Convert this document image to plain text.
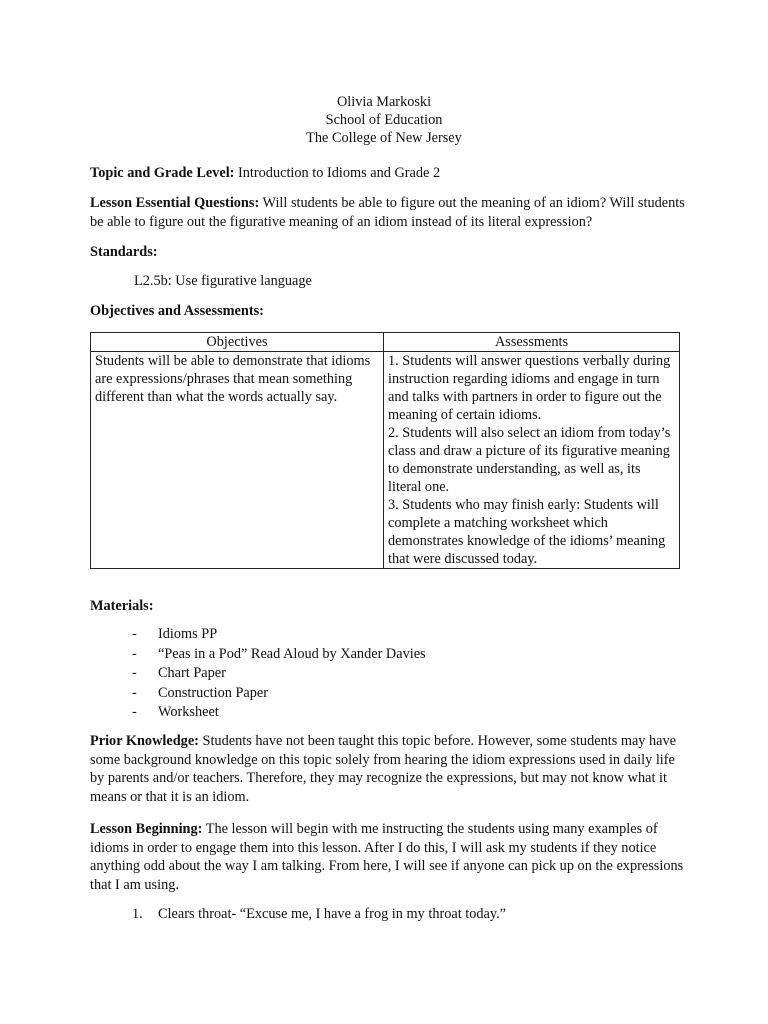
Olivia Markoski
School of Education
The College of New Jersey

Topic and Grade Level: Introduction to Idioms and Grade 2

Lesson Essential Questions: Will students be able to figure out the meaning of an idiom? Will students be able to figure out the figurative meaning of an idiom instead of its literal expression?

Standards:

L2.5b: Use figurative language

Objectives and Assessments:

Objectives	Assessments
Students will be able to demonstrate that idioms are expressions/phrases that mean something different than what the words actually say.	1. Students will answer questions verbally during instruction regarding idioms and engage in turn and talks with partners in order to figure out the meaning of certain idioms.
2. Students will also select an idiom from today’s class and draw a picture of its figurative meaning to demonstrate understanding, as well as, its literal one.
3. Students who may finish early: Students will complete a matching worksheet which demonstrates knowledge of the idioms’ meaning that were discussed today.

Materials:

- Idioms PP
- “Peas in a Pod” Read Aloud by Xander Davies
- Chart Paper
- Construction Paper
- Worksheet

Prior Knowledge: Students have not been taught this topic before. However, some students may have some background knowledge on this topic solely from hearing the idiom expressions used in daily life by parents and/or teachers. Therefore, they may recognize the expressions, but may not know what it means or that it is an idiom.

Lesson Beginning: The lesson will begin with me instructing the students using many examples of idioms in order to engage them into this lesson. After I do this, I will ask my students if they notice anything odd about the way I am talking. From here, I will see if anyone can pick up on the expressions that I am using.

1. Clears throat- “Excuse me, I have a frog in my throat today.”
